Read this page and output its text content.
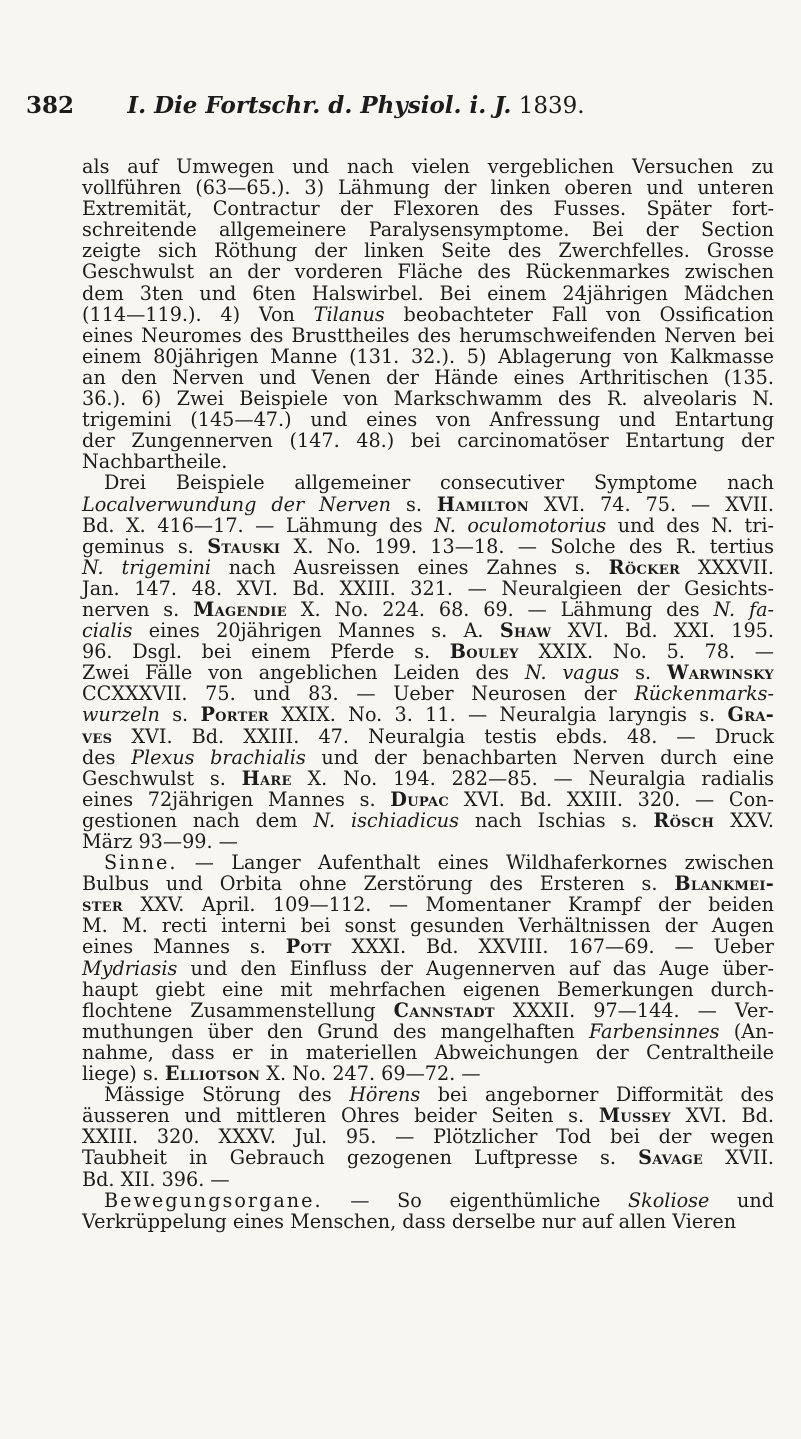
382 I. Die Fortschr. d. Physiol. i. J. 1839.
als auf Umwegen und nach vielen vergeblichen Versuchen zu
vollführen (63—65.). 3) Lähmung der linken oberen und unteren
Extremität, Contractur der Flexoren des Fusses. Später fort-
schreitende allgemeinere Paralysensymptome. Bei der Section
zeigte sich Röthung der linken Seite des Zwerchfelles. Grosse
Geschwulst an der vorderen Fläche des Rückenmarkes zwischen
dem 3ten und 6ten Halswirbel. Bei einem 24jährigen Mädchen
(114—119.). 4) Von Tilanus beobachteter Fall von Ossification
eines Neuromes des Brusttheiles des herumschweifenden Nerven bei
einem 80jährigen Manne (131. 32.). 5) Ablagerung von Kalkmasse
an den Nerven und Venen der Hände eines Arthritischen (135.
36.). 6) Zwei Beispiele von Markschwamm des R. alveolaris N.
trigemini (145—47.) und eines von Anfressung und Entartung
der Zungennerven (147. 48.) bei carcinomatöser Entartung der
Nachbartheile.
Drei Beispiele allgemeiner consecutiver Symptome nach
Localverwundung der Nerven s. Hamilton XVI. 74. 75. — XVII.
Bd. X. 416—17. — Lähmung des N. oculomotorius und des N. tri-
geminus s. Stauski X. No. 199. 13—18. — Solche des R. tertius
N. trigemini nach Ausreissen eines Zahnes s. Röcker XXXVII.
Jan. 147. 48. XVI. Bd. XXIII. 321. — Neuralgieen der Gesichts-
nerven s. Magendie X. No. 224. 68. 69. — Lähmung des N. fa-
cialis eines 20jährigen Mannes s. A. Shaw XVI. Bd. XXI. 195.
96. Dsgl. bei einem Pferde s. Bouley XXIX. No. 5. 78. —
Zwei Fälle von angeblichen Leiden des N. vagus s. Warwinsky
CCXXXVII. 75. und 83. — Ueber Neurosen der Rückenmarks-
wurzeln s. Porter XXIX. No. 3. 11. — Neuralgia laryngis s. Gra-
ves XVI. Bd. XXIII. 47. Neuralgia testis ebds. 48. — Druck
des Plexus brachialis und der benachbarten Nerven durch eine
Geschwulst s. Hare X. No. 194. 282—85. — Neuralgia radialis
eines 72jährigen Mannes s. Dupac XVI. Bd. XXIII. 320. — Con-
gestionen nach dem N. ischiadicus nach Ischias s. Rösch XXV.
März 93—99. —
Sinne. — Langer Aufenthalt eines Wildhaferkornes zwischen
Bulbus und Orbita ohne Zerstörung des Ersteren s. Blankmei-
ster XXV. April. 109—112. — Momentaner Krampf der beiden
M. M. recti interni bei sonst gesunden Verhältnissen der Augen
eines Mannes s. Pott XXXI. Bd. XXVIII. 167—69. — Ueber
Mydriasis und den Einfluss der Augennerven auf das Auge über-
haupt giebt eine mit mehrfachen eigenen Bemerkungen durch-
flochtene Zusammenstellung Cannstadt XXXII. 97—144. — Ver-
muthungen über den Grund des mangelhaften Farbensinnes (An-
nahme, dass er in materiellen Abweichungen der Centraltheile
liege) s. Elliotson X. No. 247. 69—72. —
Mässige Störung des Hörens bei angeborner Difformität des
äusseren und mittleren Ohres beider Seiten s. Mussey XVI. Bd.
XXIII. 320. XXXV. Jul. 95. — Plötzlicher Tod bei der wegen
Taubheit in Gebrauch gezogenen Luftpresse s. Savage XVII.
Bd. XII. 396. —
Bewegungsorgane. — So eigenthümliche Skoliose und
Verkrüppelung eines Menschen, dass derselbe nur auf allen Vieren
